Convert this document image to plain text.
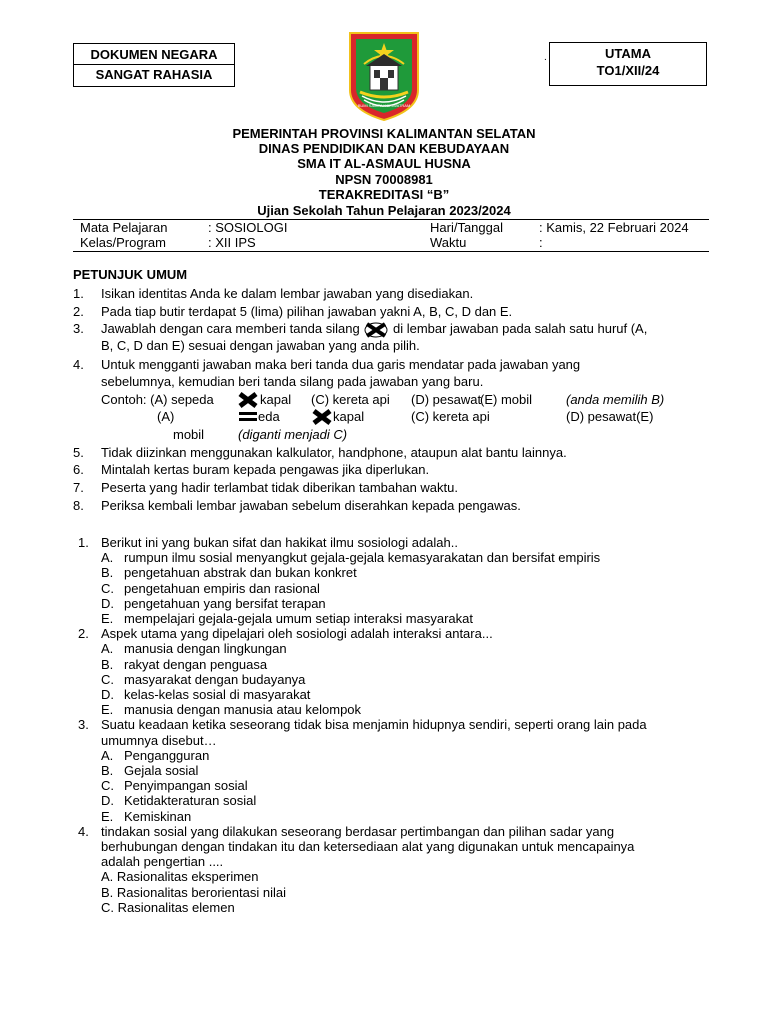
DOKUMEN NEGARA
SANGAT RAHASIA
UTAMA
TO1/XII/24
.
BUMI SAMPA KOKIWATRAM
PEMERINTAH PROVINSI KALIMANTAN SELATAN
DINAS PENDIDIKAN DAN KEBUDAYAAN
SMA IT AL-ASMAUL HUSNA
NPSN 70008981
TERAKREDITASI “B”
Ujian Sekolah Tahun Pelajaran 2023/2024
Mata Pelajaran	: SOSIOLOGI	Hari/Tanggal	: Kamis, 22 Februari 2024
Kelas/Program	: XII IPS	Waktu	:
PETUNJUK UMUM
1. Isikan identitas Anda ke dalam lembar jawaban yang disediakan.
2. Pada tiap butir terdapat 5 (lima) pilihan jawaban yakni A, B, C, D dan E.
3. Jawablah dengan cara memberi tanda silang	di lembar jawaban pada salah satu huruf (A,
B, C, D dan E) sesuai dengan jawaban yang anda pilih.
4. Untuk mengganti jawaban maka beri tanda dua garis mendatar pada jawaban yang
sebelumnya, kemudian beri tanda silang pada jawaban yang baru.
Contoh: (A) sepeda	kapal (C) kereta api (D) pesawat
(E) mobil	(anda memilih B)
(A)	eda	kapal	(C) kereta api	(D) pesawat(E)
mobil	(diganti menjadi C)
5. Tidak diizinkan menggunakan kalkulator, handphone, ataupun alat bantu lainnya.
6. Mintalah kertas buram kepada pengawas jika diperlukan.
7. Peserta yang hadir terlambat tidak diberikan tambahan waktu.
8. Periksa kembali lembar jawaban sebelum diserahkan kepada pengawas.
1. Berikut ini yang bukan sifat dan hakikat ilmu sosiologi adalah..
A. rumpun ilmu sosial menyangkut gejala-gejala kemasyarakatan dan bersifat empiris
B. pengetahuan abstrak dan bukan konkret
C. pengetahuan empiris dan rasional
D. pengetahuan yang bersifat terapan
E. mempelajari gejala-gejala umum setiap interaksi masyarakat
2. Aspek utama yang dipelajari oleh sosiologi adalah interaksi antara...
A. manusia dengan lingkungan
B. rakyat dengan penguasa
C. masyarakat dengan budayanya
D. kelas-kelas sosial di masyarakat
E. manusia dengan manusia atau kelompok
3. Suatu keadaan ketika seseorang tidak bisa menjamin hidupnya sendiri, seperti orang lain pada
umumnya disebut…
A. Pengangguran
B. Gejala sosial
C. Penyimpangan sosial
D. Ketidakteraturan sosial
E. Kemiskinan
4. tindakan sosial yang dilakukan seseorang berdasar pertimbangan dan pilihan sadar yang
berhubungan dengan tindakan itu dan ketersediaan alat yang digunakan untuk mencapainya
adalah pengertian ....
A. Rasionalitas eksperimen
B. Rasionalitas berorientasi nilai
C. Rasionalitas elemen
